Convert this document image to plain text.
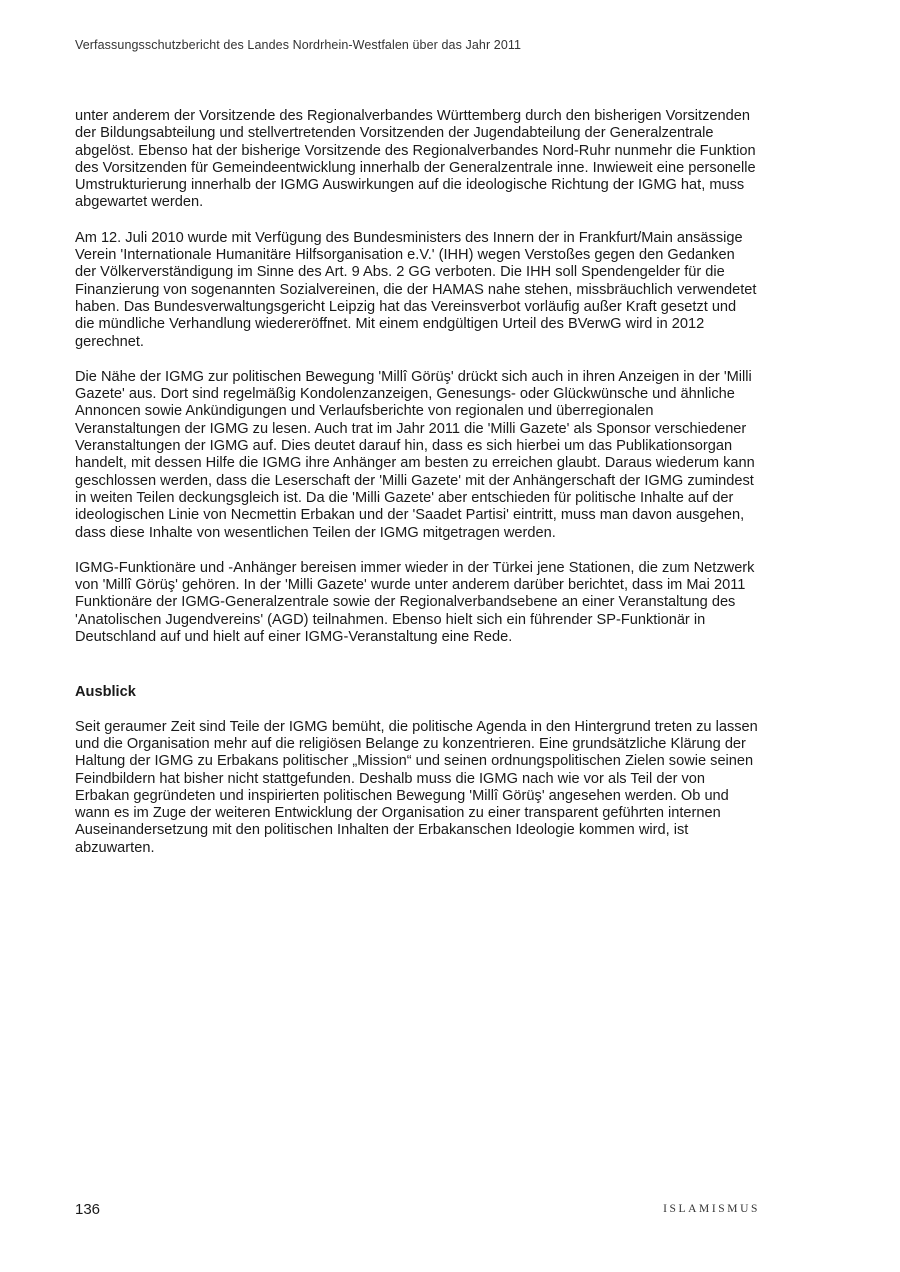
Verfassungsschutzbericht des Landes Nordrhein-Westfalen über das Jahr 2011

unter anderem der Vorsitzende des Regionalverbandes Württemberg durch den bisherigen Vorsitzenden der Bildungsabteilung und stellvertretenden Vorsitzenden der Jugendabteilung der Generalzentrale abgelöst. Ebenso hat der bisherige Vorsitzende des Regionalverbandes Nord-Ruhr nunmehr die Funktion des Vorsitzenden für Gemeindeentwicklung innerhalb der Generalzentrale inne. Inwieweit eine personelle Umstrukturierung innerhalb der IGMG Auswirkungen auf die ideologische Richtung der IGMG hat, muss abgewartet werden.

Am 12. Juli 2010 wurde mit Verfügung des Bundesministers des Innern der in Frankfurt/Main ansässige Verein 'Internationale Humanitäre Hilfsorganisation e.V.' (IHH) wegen Verstoßes gegen den Gedanken der Völkerverständigung im Sinne des Art. 9 Abs. 2 GG verboten. Die IHH soll Spendengelder für die Finanzierung von sogenannten Sozialvereinen, die der HAMAS nahe stehen, missbräuchlich verwendetet haben. Das Bundesverwaltungsgericht Leipzig hat das Vereinsverbot vorläufig außer Kraft gesetzt und die mündliche Verhandlung wiedereröffnet. Mit einem endgültigen Urteil des BVerwG wird in 2012 gerechnet.

Die Nähe der IGMG zur politischen Bewegung 'Millî Görüş' drückt sich auch in ihren Anzeigen in der 'Milli Gazete' aus. Dort sind regelmäßig Kondolenzanzeigen, Genesungs- oder Glückwünsche und ähnliche Annoncen sowie Ankündigungen und Verlaufsberichte von regionalen und überregionalen Veranstaltungen der IGMG zu lesen. Auch trat im Jahr 2011 die 'Milli Gazete' als Sponsor verschiedener Veranstaltungen der IGMG auf. Dies deutet darauf hin, dass es sich hierbei um das Publikationsorgan handelt, mit dessen Hilfe die IGMG ihre Anhänger am besten zu erreichen glaubt. Daraus wiederum kann geschlossen werden, dass die Leserschaft der 'Milli Gazete' mit der Anhängerschaft der IGMG zumindest in weiten Teilen deckungsgleich ist. Da die 'Milli Gazete' aber entschieden für politische Inhalte auf der ideologischen Linie von Necmettin Erbakan und der 'Saadet Partisi' eintritt, muss man davon ausgehen, dass diese Inhalte von wesentlichen Teilen der IGMG mitgetragen werden.

IGMG-Funktionäre und -Anhänger bereisen immer wieder in der Türkei jene Stationen, die zum Netzwerk von 'Millî Görüş' gehören. In der 'Milli Gazete' wurde unter anderem darüber berichtet, dass im Mai 2011 Funktionäre der IGMG-Generalzentrale sowie der Regionalverbandsebene an einer Veranstaltung des 'Anatolischen Jugendvereins' (AGD) teilnahmen. Ebenso hielt sich ein führender SP-Funktionär in Deutschland auf und hielt auf einer IGMG-Veranstaltung eine Rede.

Ausblick

Seit geraumer Zeit sind Teile der IGMG bemüht, die politische Agenda in den Hintergrund treten zu lassen und die Organisation mehr auf die religiösen Belange zu konzentrieren. Eine grundsätzliche Klärung der Haltung der IGMG zu Erbakans politischer „Mission“ und seinen ordnungspolitischen Zielen sowie seinen Feindbildern hat bisher nicht stattgefunden. Deshalb muss die IGMG nach wie vor als Teil der von Erbakan gegründeten und inspirierten politischen Bewegung 'Millî Görüş' angesehen werden. Ob und wann es im Zuge der weiteren Entwicklung der Organisation zu einer transparent geführten internen Auseinandersetzung mit den politischen Inhalten der Erbakanschen Ideologie kommen wird, ist abzuwarten.

136	ISLAMISMUS
